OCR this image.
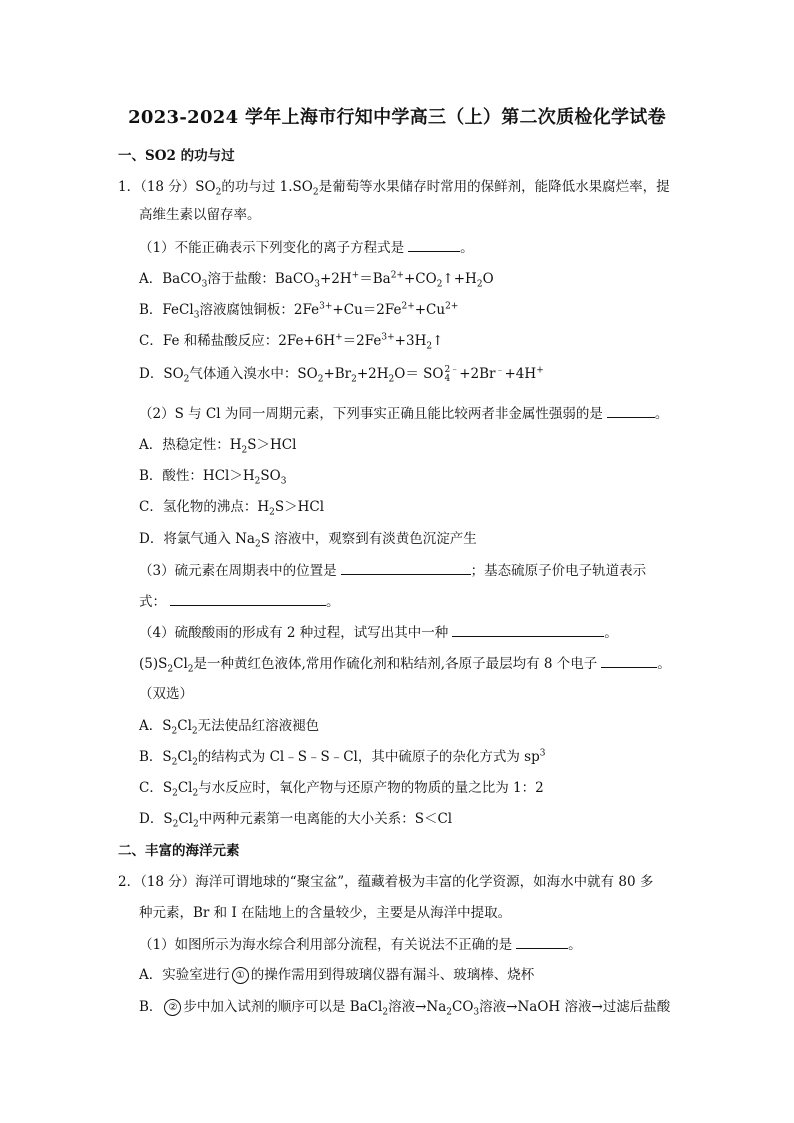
2023-2024 学年上海市行知中学高三（上）第二次质检化学试卷
一、SO2 的功与过
1．（18 分）$SO_2$的功与过 $1.SO_2$是葡萄等水果储存时常用的保鲜剂，能降低水果腐烂率，提
高维生素以留存率。
（1）不能正确表示下列变化的离子方程式是	。
A．BaCO$_3$溶于盐酸：$BaCO_3+2H^+=Ba^{2+}+CO_2↑+H_2O$
B．FeCl$_3$溶液腐蚀铜板：$2Fe^{3+}+Cu=2Fe^{2+}+Cu^{2+}$
C．Fe 和稀盐酸反应：$2Fe+6H^+=2Fe^{3+}+3H_2↑$
D．$SO_2$气体通入溴水中：$SO_2+Br_2+2H_2O=$ SO 2﹣
4 +2Br﹣+4H+
（2）S 与 Cl 为同一周期元素，下列事实正确且能比较两者非金属性强弱的是	。
A．热稳定性：$H_2S>HCl$
B．酸性：$HCl>H_2SO_3$
C．氢化物的沸点：$H_2S>HCl$
D．将氯气通入 $Na_2S$ 溶液中，观察到有淡黄色沉淀产生
（3）硫元素在周期表中的位置是	；基态硫原子价电子轨道表示
式：	。
（4）硫酸酸雨的形成有 2 种过程，试写出其中一种	。
$(5)S_2Cl_2$是一种黄红色液体,常用作硫化剂和粘结剂,各原子最层均有 8 个电子	。
（双选）
A．$S_2Cl_2$无法使品红溶液褪色
B．$S_2Cl_2$的结构式为 Cl﹣S﹣S﹣Cl，其中硫原子的杂化方式为 $sp^3$
C．$S_2Cl_2$与水反应时，氧化产物与还原产物的物质的量之比为 1：2
D．$S_2Cl_2$中两种元素第一电离能的大小关系：S＜Cl
二、丰富的海洋元素
2．（18 分）海洋可谓地球的“聚宝盆”，蕴藏着极为丰富的化学资源，如海水中就有 80 多
种元素，Br 和 I 在陆地上的含量较少，主要是从海洋中提取。
（1）如图所示为海水综合利用部分流程，有关说法不正确的是	。
A．实验室进行 ① 的操作需用到得玻璃仪器有漏斗、玻璃棒、烧杯
B． ② 步中加入试剂的顺序可以是 BaCl$_2$溶液$\to Na_2CO_3$溶液→NaOH 溶液→过滤后盐酸
